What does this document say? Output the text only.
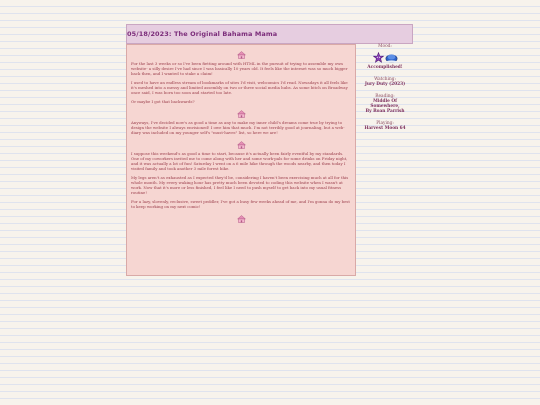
05/18/2023: The Original Bahama Mama

For the last 3 weeks or so I've been fietting around with HTML in the pursuit of trying to assemble my own website- a silly desire I've had since I was basically 10 years old. It feels like the internet was so much bigger back then, and I wanted to stake a claim!

I used to have an endless stream of bookmarks of sites I'd visit, webcomics I'd read. Nowadays it all feels like it's meshed into a messy and limited assembly on two or three social media hubs. As some bitch on Broadway once said, I was born too soon and started too late.

Or maybe I got that backwards?

Anyways, I've decided now's as good a time as any to make my inner child's dreams come true by trying to design the website I always envisioned! I owe him that much. I'm not terribly good at journaling, but a web-diary was included on my younger self's "must-haves" list, so here we are!

I suppose this weekend's as good a time to start, because it's actually been fairly eventful by my standards. One of my coworkers invited me to come along with her and some work-pals for some drinks on Friday night, and it was actually a lot of fun! Saturday I went on a 6 mile hike through the woods nearby, and then today I visited family and took another 3 mile forest hike.

My legs aren't as exhausted as I expected they'd be, considering I haven't been exercising much at all for this whole month. My every waking hour has pretty much been devoted to coding this website when I wasn't at work. Now that it's more or less finished, I feel like I need to push myself to get back into my usual fitness routine!

For a lazy, slovenly, reclusive, sweet peddler, I've got a busy few weeks ahead of me, and I'm gonna do my best to keep working on my next comic!

Mood:
Accomplished!
Watching:
Jury Duty (2023)
Reading:
Middle Of Somewhere,
By Roan Parrish
Playing:
Harvest Moon 64
